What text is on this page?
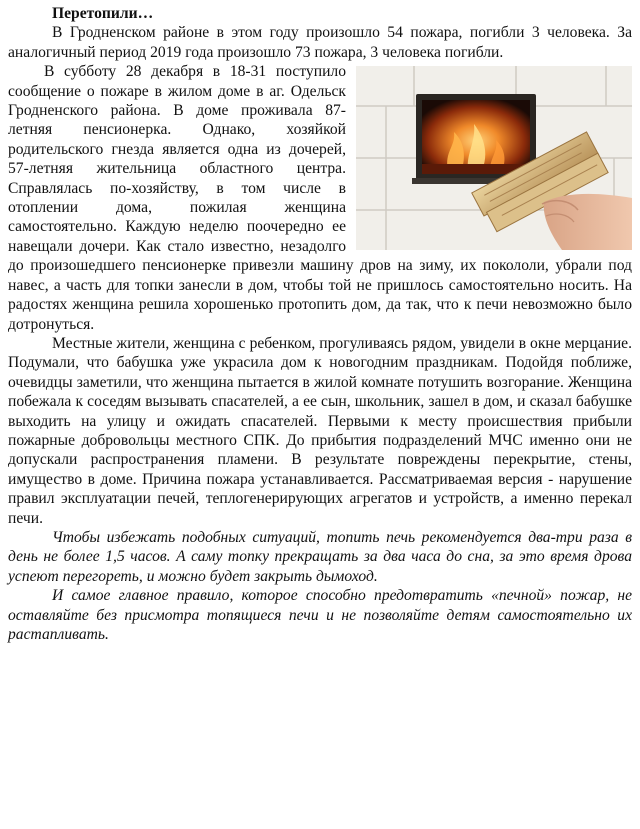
Перетопили…

В Гродненском районе в этом году произошло 54 пожара, погибли 3 человека. За аналогичный период 2019 года произошло 73 пожара, 3 человека погибли.

В субботу 28 декабря в 18-31 поступило сообщение о пожаре в жилом доме в аг. Одельск Гродненского района. В доме проживала 87-летняя пенсионерка. Однако, хозяйкой родительского гнезда является одна из дочерей, 57-летняя жительница областного центра. Справлялась по-хозяйству, в том числе в отоплении дома, пожилая женщина самостоятельно. Каждую неделю поочередно ее навещали дочери. Как стало известно, незадолго до произошедшего пенсионерке привезли машину дров на зиму, их покололи, убрали под навес, а часть для топки занесли в дом, чтобы той не пришлось самостоятельно носить. На радостях женщина решила хорошенько протопить дом, да так, что к печи невозможно было дотронуться.

Местные жители, женщина с ребенком, прогуливаясь рядом, увидели в окне мерцание. Подумали, что бабушка уже украсила дом к новогодним праздникам. Подойдя поближе, очевидцы заметили, что женщина пытается в жилой комнате потушить возгорание. Женщина побежала к соседям вызывать спасателей, а ее сын, школьник, зашел в дом, и сказал бабушке выходить на улицу и ожидать спасателей. Первыми к месту происшествия прибыли пожарные добровольцы местного СПК. До прибытия подразделений МЧС именно они не допускали распространения пламени. В результате повреждены перекрытие, стены, имущество в доме. Причина пожара устанавливается. Рассматриваемая версия - нарушение правил эксплуатации печей, теплогенерирующих агрегатов и устройств, а именно перекал печи.

Чтобы избежать подобных ситуаций, топить печь рекомендуется два-три раза в день не более 1,5 часов. А саму топку прекращать за два часа до сна, за это время дрова успеют перегореть, и можно будет закрыть дымоход.

И самое главное правило, которое способно предотвратить «печной» пожар, не оставляйте без присмотра топящиеся печи и не позволяйте детям самостоятельно их растапливать.
